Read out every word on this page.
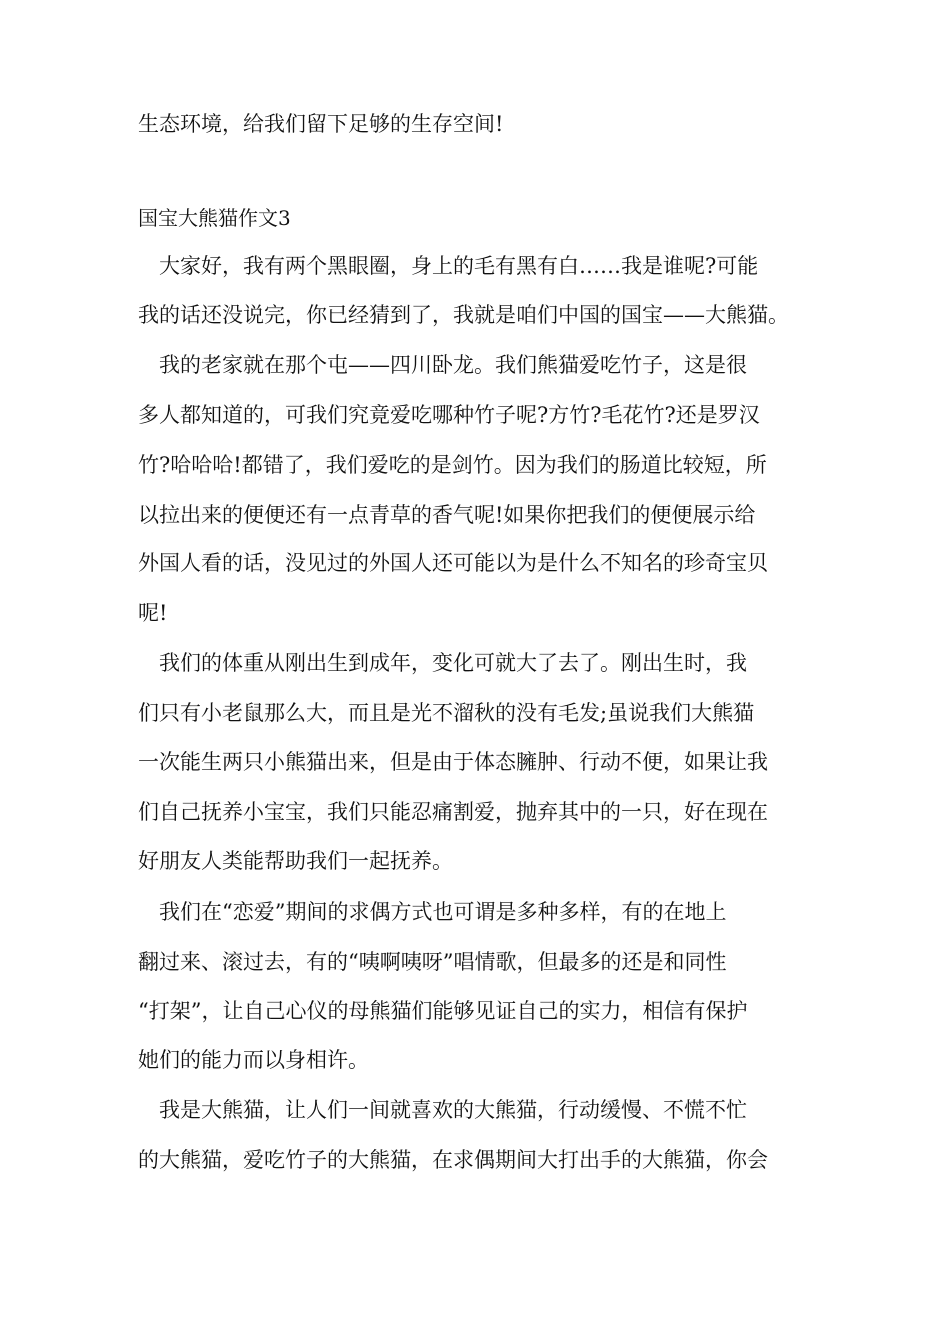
生态环境，给我们留下足够的生存空间!
国宝大熊猫作文3
　大家好，我有两个黑眼圈，身上的毛有黑有白……我是谁呢?可能
我的话还没说完，你已经猜到了，我就是咱们中国的国宝——大熊猫。
　我的老家就在那个屯——四川卧龙。我们熊猫爱吃竹子，这是很
多人都知道的，可我们究竟爱吃哪种竹子呢?方竹?毛花竹?还是罗汉
竹?哈哈哈!都错了，我们爱吃的是剑竹。因为我们的肠道比较短，所
以拉出来的便便还有一点青草的香气呢!如果你把我们的便便展示给
外国人看的话，没见过的外国人还可能以为是什么不知名的珍奇宝贝
呢!
　我们的体重从刚出生到成年，变化可就大了去了。刚出生时，我
们只有小老鼠那么大，而且是光不溜秋的没有毛发;虽说我们大熊猫
一次能生两只小熊猫出来，但是由于体态臃肿、行动不便，如果让我
们自己抚养小宝宝，我们只能忍痛割爱，抛弃其中的一只，好在现在
好朋友人类能帮助我们一起抚养。
　我们在“恋爱”期间的求偶方式也可谓是多种多样，有的在地上
翻过来、滚过去，有的“咦啊咦呀”唱情歌，但最多的还是和同性
“打架”，让自己心仪的母熊猫们能够见证自己的实力，相信有保护
她们的能力而以身相许。
　我是大熊猫，让人们一间就喜欢的大熊猫，行动缓慢、不慌不忙
的大熊猫，爱吃竹子的大熊猫，在求偶期间大打出手的大熊猫，你会
